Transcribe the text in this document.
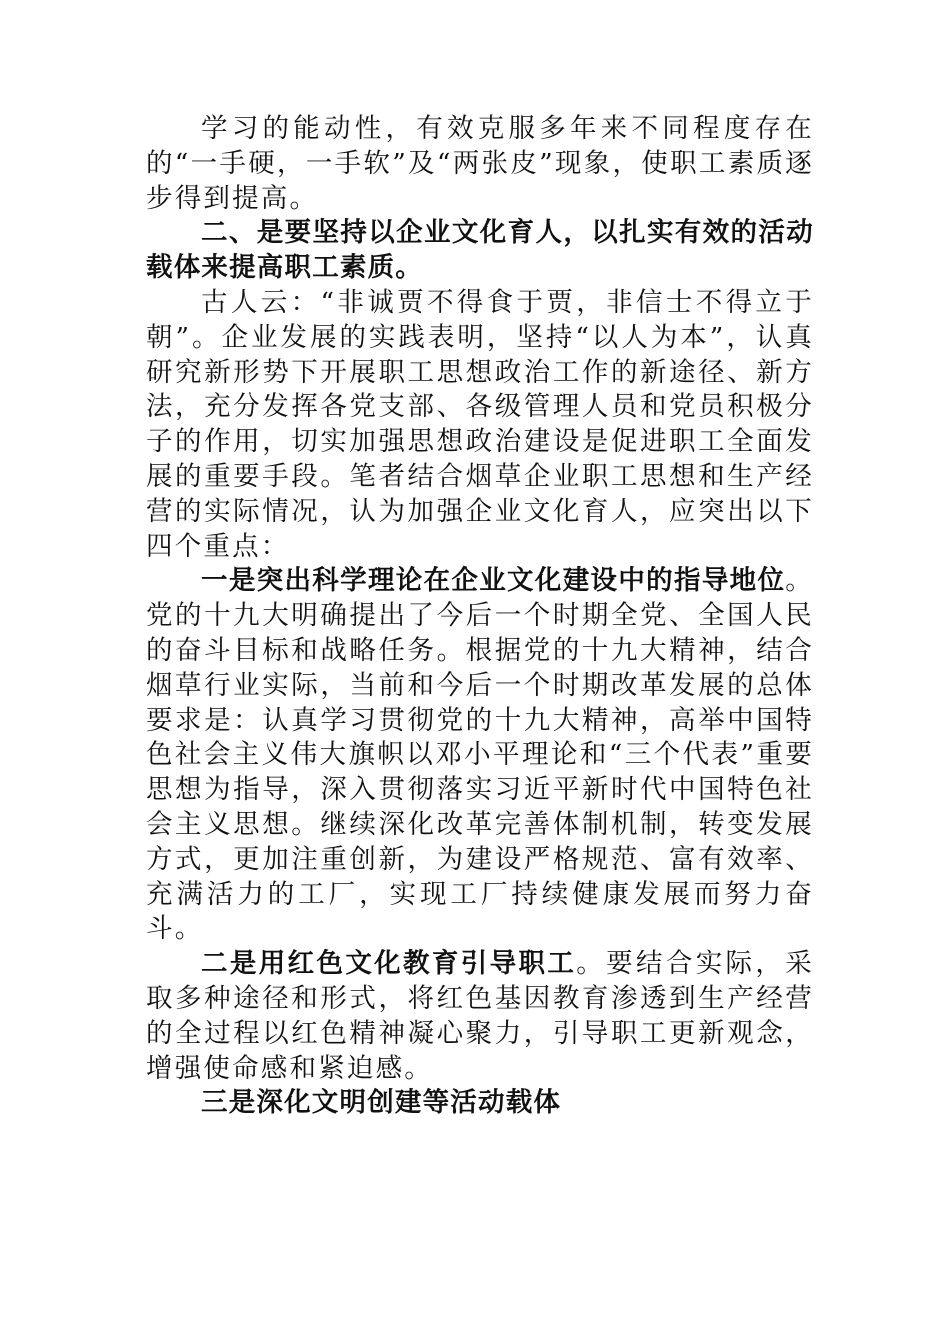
学习的能动性，有效克服多年来不同程度存在的“一手硬，一手软”及“两张皮”现象，使职工素质逐步得到提高。

二、是要坚持以企业文化育人，以扎实有效的活动载体来提高职工素质。

古人云：“非诚贾不得食于贾，非信士不得立于朝”。企业发展的实践表明，坚持“以人为本”，认真研究新形势下开展职工思想政治工作的新途径、新方法，充分发挥各党支部、各级管理人员和党员积极分子的作用，切实加强思想政治建设是促进职工全面发展的重要手段。笔者结合烟草企业职工思想和生产经营的实际情况，认为加强企业文化育人，应突出以下四个重点：

一是突出科学理论在企业文化建设中的指导地位。党的十九大明确提出了今后一个时期全党、全国人民的奋斗目标和战略任务。根据党的十九大精神，结合烟草行业实际，当前和今后一个时期改革发展的总体要求是：认真学习贯彻党的十九大精神，高举中国特色社会主义伟大旗帜以邓小平理论和“三个代表”重要思想为指导，深入贯彻落实习近平新时代中国特色社会主义思想。继续深化改革完善体制机制，转变发展方式，更加注重创新，为建设严格规范、富有效率、充满活力的工厂，实现工厂持续健康发展而努力奋斗。

二是用红色文化教育引导职工。要结合实际，采取多种途径和形式，将红色基因教育渗透到生产经营的全过程以红色精神凝心聚力，引导职工更新观念，增强使命感和紧迫感。

三是深化文明创建等活动载体
